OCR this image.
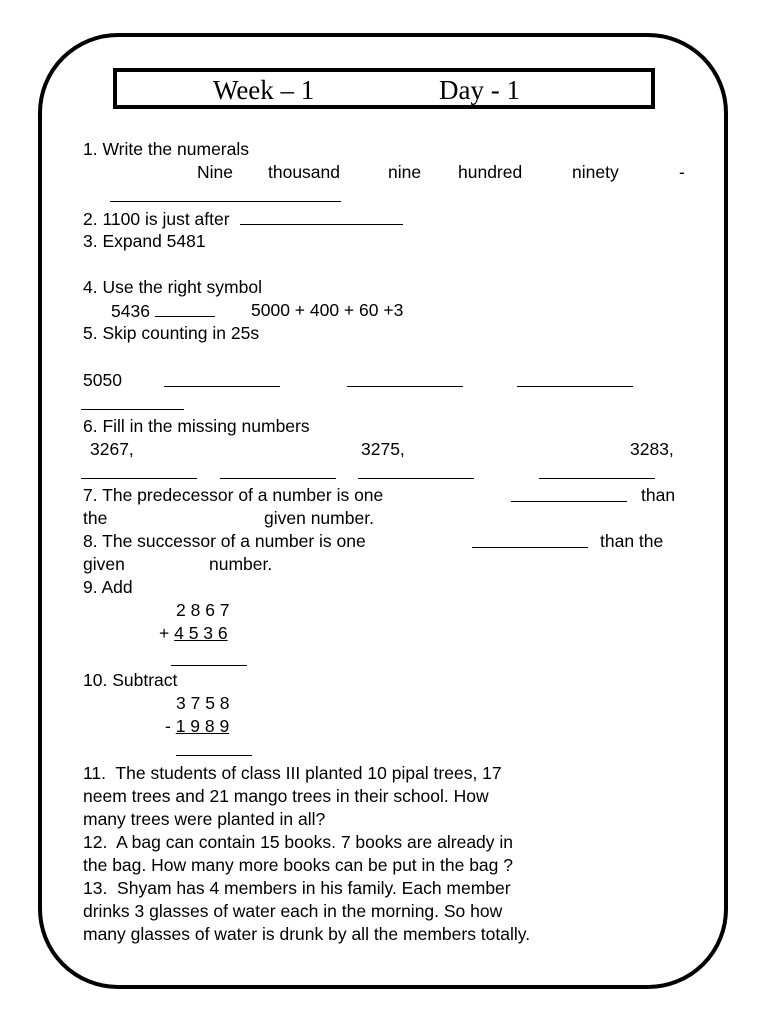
Week – 1	Day - 1
1. Write the numerals
Nine thousand	nine hundred	ninety	-
2. 1100 is just after
3. Expand 5481
4. Use the right symbol
5436	5000 + 400 + 60 +3
5. Skip counting in 25s
5050
6. Fill in the missing numbers
3267,	3275,	3283,
7. The predecessor of a number is one	than
the	given number.
8. The successor of a number is one	than the
given	number.
9. Add
2 8 6 7
+ 4 5 3 6
10. Subtract
3 7 5 8
- 1 9 8 9
11.  The students of class III planted 10 pipal trees, 17
neem trees and 21 mango trees in their school. How
many trees were planted in all?
12.  A bag can contain 15 books. 7 books are already in
the bag. How many more books can be put in the bag ?
13.  Shyam has 4 members in his family. Each member
drinks 3 glasses of water each in the morning. So how
many glasses of water is drunk by all the members totally.
